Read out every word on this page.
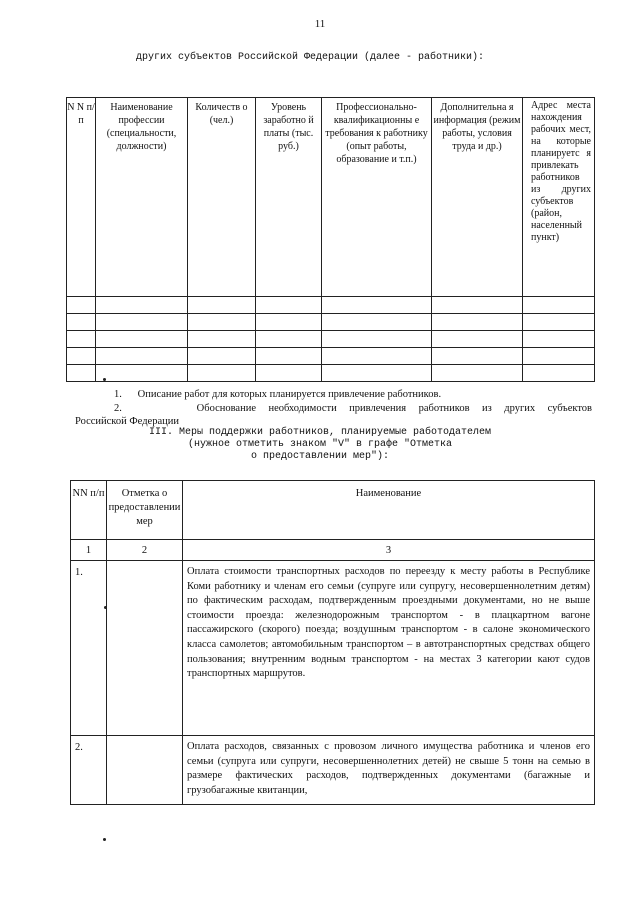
11
других субъектов Российской Федерации (далее - работники):
N N п/п	Наименование профессии (специальности, должности)	Количеств о (чел.)	Уровень заработно й платы (тыс. руб.)	Профессионально-квалификационны е требования к работнику (опыт работы, образование и т.п.)	Дополнительна я информация (режим работы, условия труда и др.)	Адрес места нахождения рабочих мест, на которые планируетс я привлекать работников из других субъектов (район, населенный пункт)

1. Описание работ для которых планируется привлечение работников.
2.	Обоснование необходимости привлечения работников из других субъектов
Российской Федерации
III. Меры поддержки работников, планируемые работодателем
(нужное отметить знаком "V" в графе "Отметка
о предоставлении мер"):
NN п/п	Отметка о предоставлении мер	Наименование
1	2	3
1.		Оплата стоимости транспортных расходов по переезду к месту работы в Республике Коми работнику и членам его семьи (супруге или супругу, несовершеннолетним детям) по фактическим расходам, подтвержденным проездными документами, но не выше стоимости проезда: железнодорожным транспортом - в плацкартном вагоне пассажирского (скорого) поезда; воздушным транспортом - в салоне экономического класса самолетов; автомобильным транспортом – в автотранспортных средствах общего пользования; внутренним водным транспортом - на местах 3 категории кают судов транспортных маршрутов.
2.		Оплата расходов, связанных с провозом личного имущества работника и членов его семьи (супруга или супруги, несовершеннолетних детей) не свыше 5 тонн на семью в размере фактических расходов, подтвержденных документами (багажные и грузобагажные квитанции,
